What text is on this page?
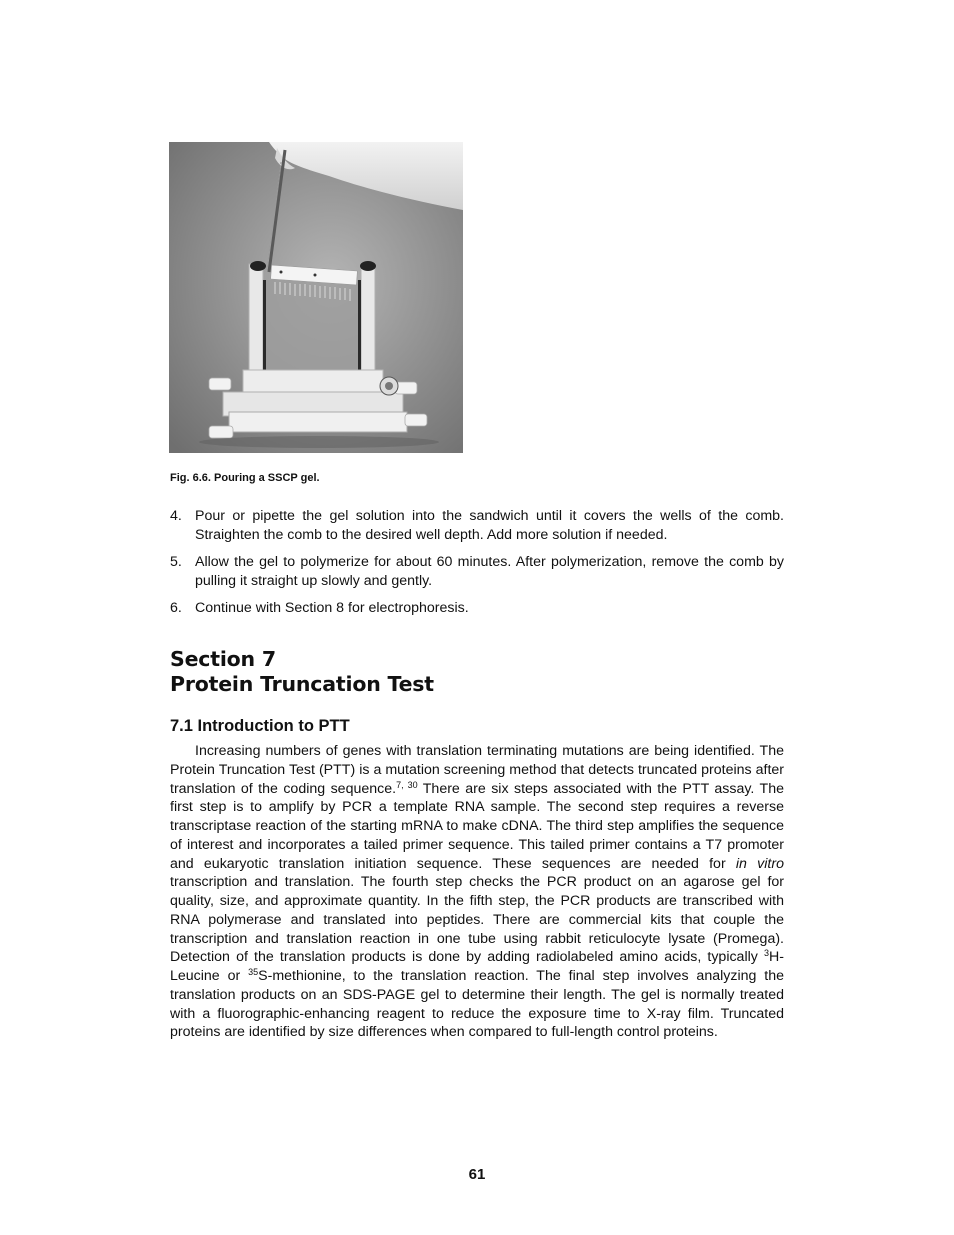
Fig. 6.6. Pouring a SSCP gel.
4. Pour or pipette the gel solution into the sandwich until it covers the wells of the comb. Straighten the comb to the desired well depth. Add more solution if needed.
5. Allow the gel to polymerize for about 60 minutes. After polymerization, remove the comb by pulling it straight up slowly and gently.
6. Continue with Section 8 for electrophoresis.
Section 7
Protein Truncation Test
7.1 Introduction to PTT

Increasing numbers of genes with translation terminating mutations are being identified. The Protein Truncation Test (PTT) is a mutation screening method that detects truncated proteins after translation of the coding sequence.$^{7, 30}$ There are six steps associated with the PTT assay. The first step is to amplify by PCR a template RNA sample. The second step requires a reverse transcriptase reaction of the starting mRNA to make cDNA. The third step amplifies the sequence of interest and incorporates a tailed primer sequence. This tailed primer contains a T7 promoter and eukaryotic translation initiation sequence. These sequences are needed for in vitro transcription and translation. The fourth step checks the PCR product on an agarose gel for quality, size, and approximate quantity. In the fifth step, the PCR products are transcribed with RNA polymerase and translated into peptides. There are commercial kits that couple the transcription and translation reaction in one tube using rabbit reticulocyte lysate (Promega). Detection of the translation products is done by adding radiolabeled amino acids, typically $^3$H-Leucine or $^{35}$S-methionine, to the translation reaction. The final step involves analyzing the translation products on an SDS-PAGE gel to determine their length. The gel is normally treated with a fluorographic-enhancing reagent to reduce the exposure time to X-ray film. Truncated proteins are identified by size differences when compared to full-length control proteins.

61
